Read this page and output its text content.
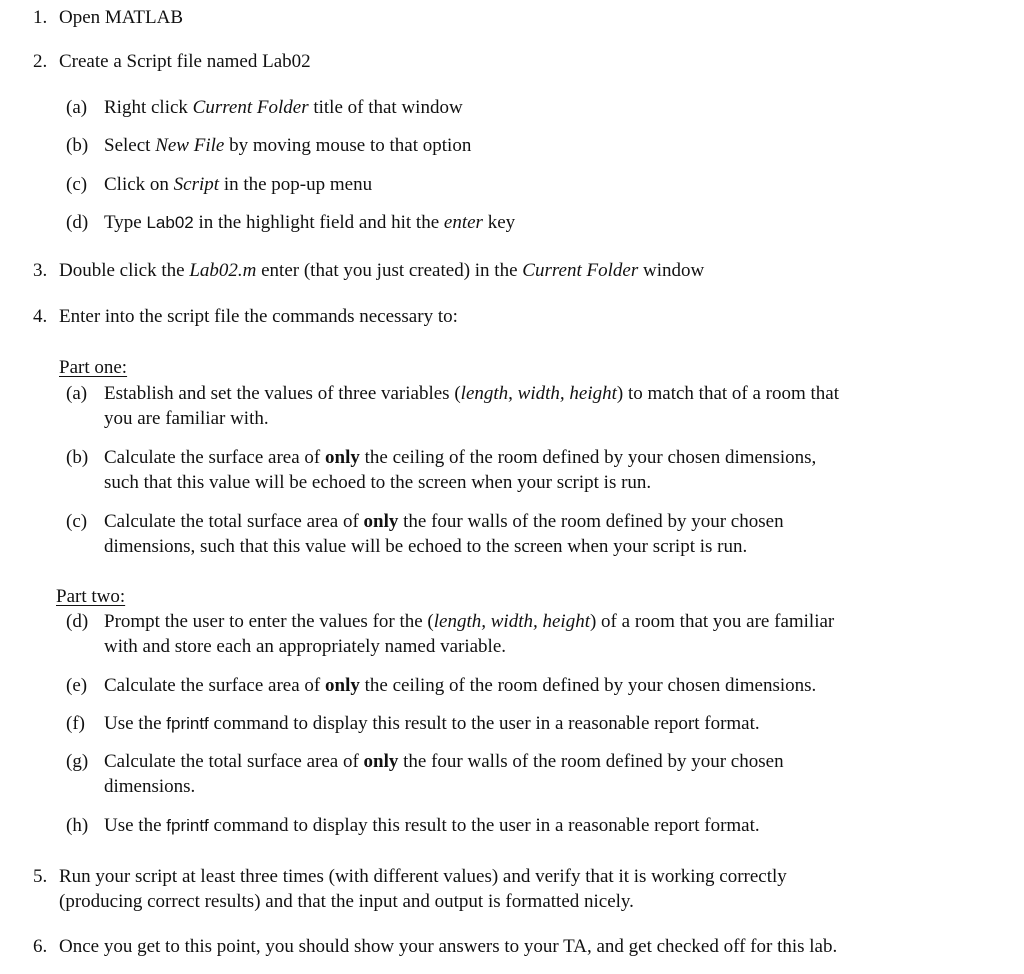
1. Open MATLAB
2. Create a Script file named Lab02
(a) Right click Current Folder title of that window
(b) Select New File by moving mouse to that option
(c) Click on Script in the pop-up menu
(d) Type Lab02 in the highlight field and hit the enter key
3. Double click the Lab02.m enter (that you just created) in the Current Folder window
4. Enter into the script file the commands necessary to:
Part one:
(a) Establish and set the values of three variables (length, width, height) to match that of a room that
you are familiar with.
(b) Calculate the surface area of only the ceiling of the room defined by your chosen dimensions,
such that this value will be echoed to the screen when your script is run.
(c) Calculate the total surface area of only the four walls of the room defined by your chosen
dimensions, such that this value will be echoed to the screen when your script is run.
Part two:
(d) Prompt the user to enter the values for the (length, width, height) of a room that you are familiar
with and store each an appropriately named variable.
(e) Calculate the surface area of only the ceiling of the room defined by your chosen dimensions.
(f) Use the fprintf command to display this result to the user in a reasonable report format.
(g) Calculate the total surface area of only the four walls of the room defined by your chosen
dimensions.
(h) Use the fprintf command to display this result to the user in a reasonable report format.
5. Run your script at least three times (with different values) and verify that it is working correctly
(producing correct results) and that the input and output is formatted nicely.
6. Once you get to this point, you should show your answers to your TA, and get checked off for this lab.
